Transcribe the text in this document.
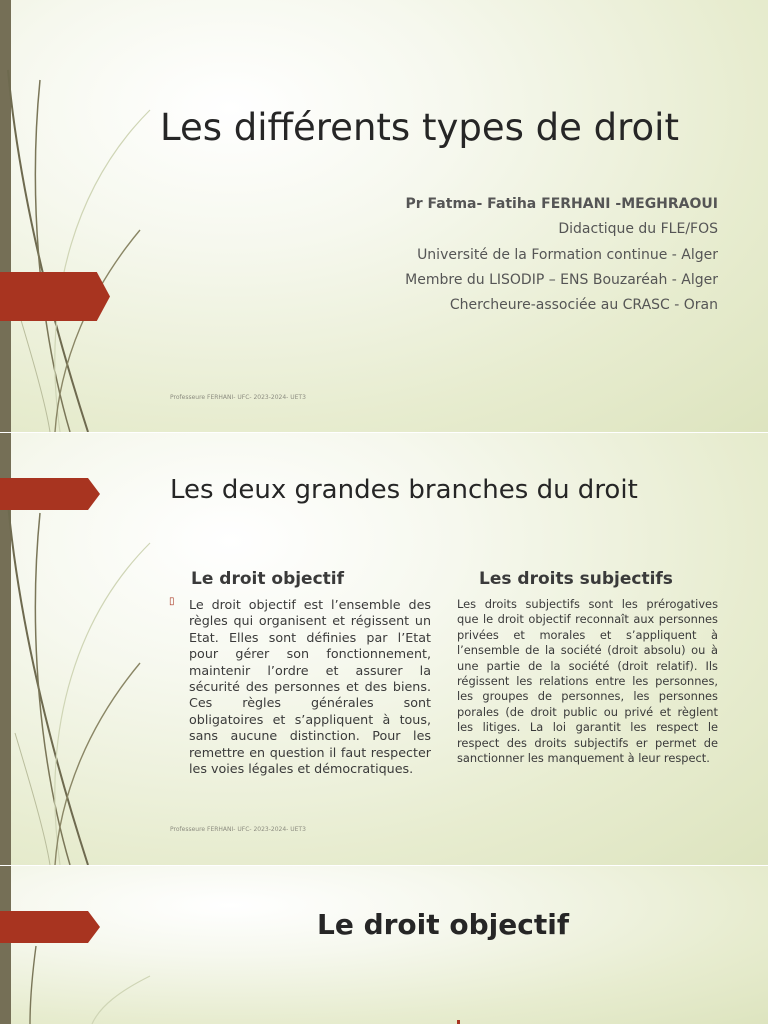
Les différents types de droit
Pr Fatma- Fatiha FERHANI -MEGHRAOUI
Didactique du FLE/FOS
Université de la Formation continue - Alger
Membre du LISODIP – ENS Bouzaréah - Alger
Chercheure-associée au CRASC - Oran
Professeure FERHANI- UFC- 2023-2024- UET3
Les deux grandes branches du droit
Le droit objectif
▯ Le droit objectif est l’ensemble des règles qui organisent et régissent un Etat. Elles sont définies par l’Etat pour gérer son fonctionnement, maintenir l’ordre et assurer la sécurité des personnes et des biens. Ces règles générales sont obligatoires et s’appliquent à tous, sans aucune distinction. Pour les remettre en question il faut respecter les voies légales et démocratiques.

Les droits subjectifs

Les droits subjectifs sont les prérogatives que le droit objectif reconnaît aux personnes privées et morales et s’appliquent à l’ensemble de la société (droit absolu) ou à une partie de la société (droit relatif). Ils régissent les relations entre les personnes, les groupes de personnes, les personnes porales (de droit public ou privé et règlent les litiges. La loi garantit les respect le respect des droits subjectifs er permet de sanctionner les manquement à leur respect.

Professeure FERHANI- UFC- 2023-2024- UET3
Le droit objectif
